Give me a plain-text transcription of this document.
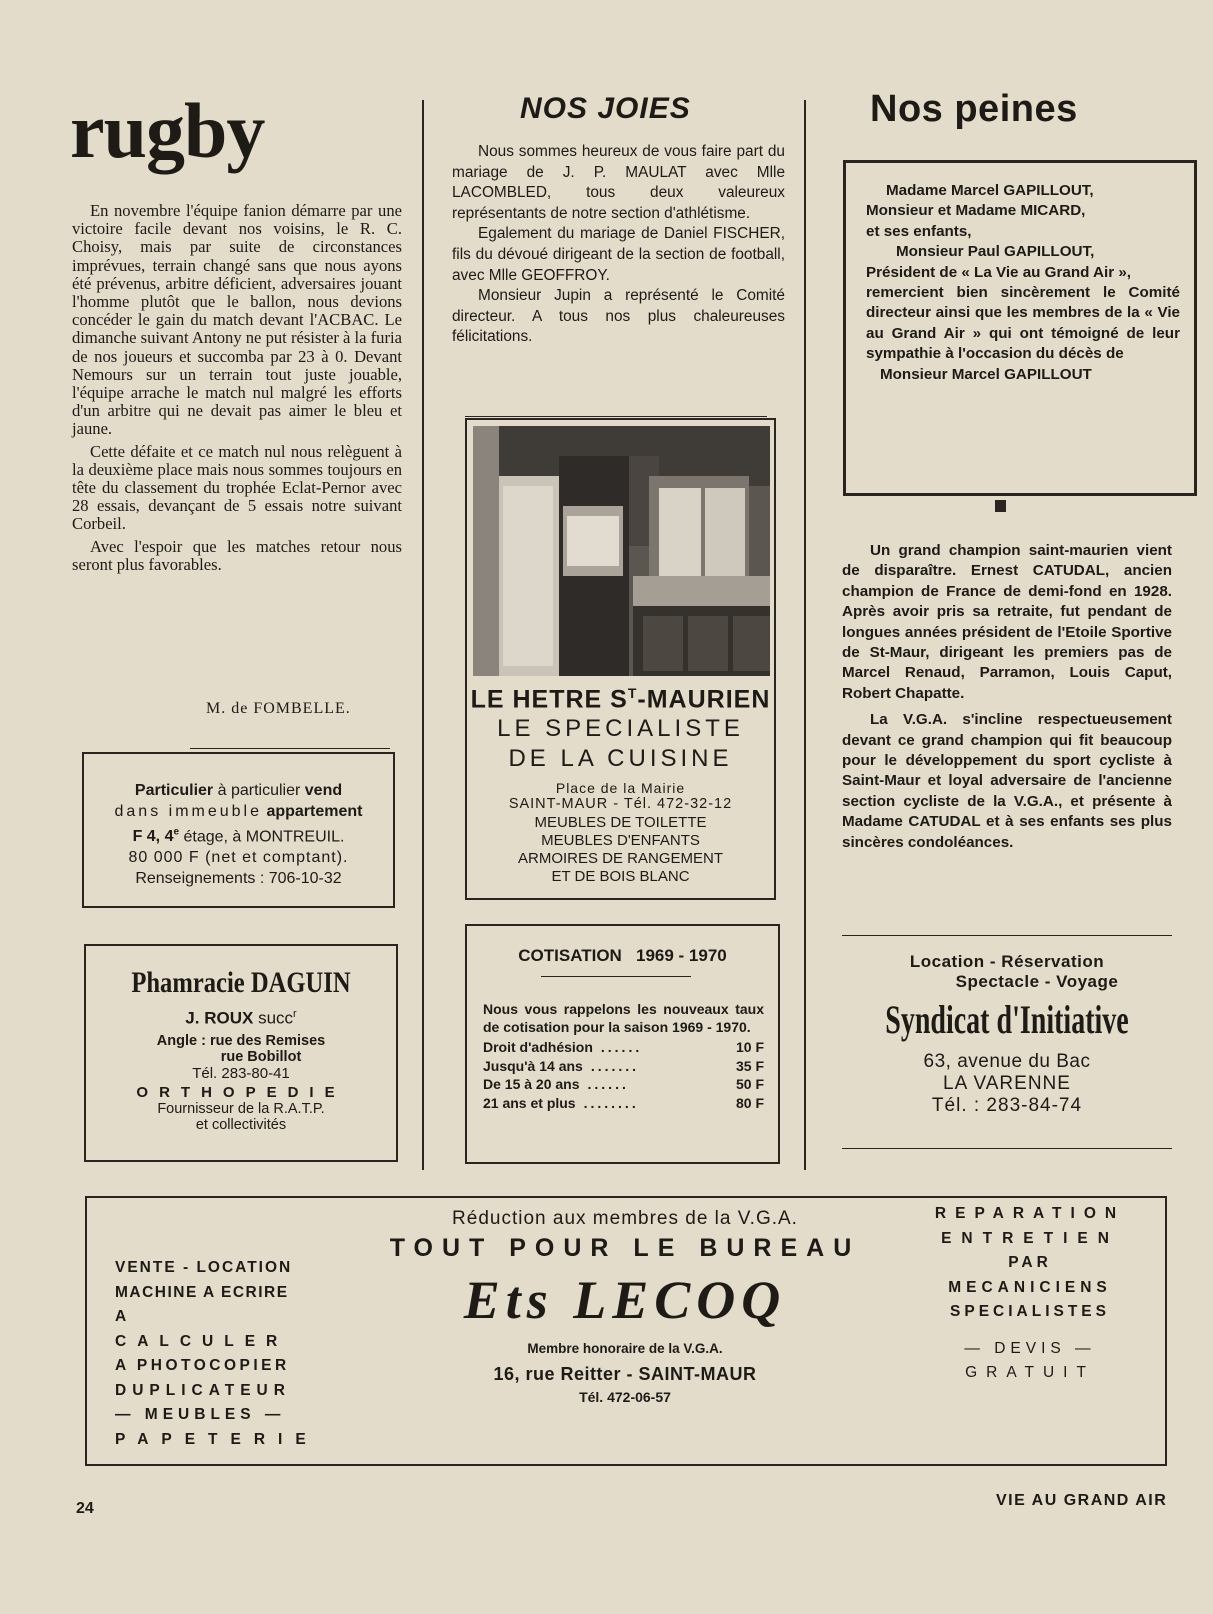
rugby

En novembre l'équipe fanion démarre par une victoire facile devant nos voisins, le R. C. Choisy, mais par suite de circonstances imprévues, terrain changé sans que nous ayons été prévenus, arbitre déficient, adversaires jouant l'homme plutôt que le ballon, nous devions concéder le gain du match devant l'ACBAC. Le dimanche suivant Antony ne put résister à la furia de nos joueurs et succomba par 23 à 0. Devant Nemours sur un terrain tout juste jouable, l'équipe arrache le match nul malgré les efforts d'un arbitre qui ne devait pas aimer le bleu et jaune.

Cette défaite et ce match nul nous relèguent à la deuxième place mais nous sommes toujours en tête du classement du trophée Eclat-Pernor avec 28 essais, devançant de 5 essais notre suivant Corbeil.

Avec l'espoir que les matches retour nous seront plus favorables.

M. de FOMBELLE.
Particulier à particulier vend
dans immeuble appartement
F 4, 4e étage, à MONTREUIL.
80 000 F (net et comptant).
Renseignements : 706-10-32
Phamracie DAGUIN
J. ROUX succ$^r$
Angle : rue des Remises
rue Bobillot
Tél. 283-80-41
ORTHOPEDIE
Fournisseur de la R.A.T.P.
et collectivités
NOS JOIES

Nous sommes heureux de vous faire part du mariage de J. P. MAULAT avec Mlle LACOMBLED, tous deux valeureux représentants de notre section d'athlétisme.

Egalement du mariage de Daniel FISCHER, fils du dévoué dirigeant de la section de football, avec Mlle GEOFFROY.

Monsieur Jupin a représenté le Comité directeur. A tous nos plus chaleureuses félicitations.

LE HETRE $S^T$-MAURIEN
LE SPECIALISTE
DE LA CUISINE
Place de la Mairie
SAINT-MAUR - Tél. 472-32-12
MEUBLES DE TOILETTE
MEUBLES D'ENFANTS
ARMOIRES DE RANGEMENT
ET DE BOIS BLANC
COTISATION 1969 - 1970
Nous vous rappelons les nouveaux taux de cotisation pour la saison 1969 - 1970.
Droit d'adhésion ......	10 F
Jusqu'à 14 ans .......	35 F
De 15 à 20 ans ......	50 F
21 ans et plus ........	80 F
Nos peines
Madame Marcel GAPILLOUT,
Monsieur et Madame MICARD,
et ses enfants,
Monsieur Paul GAPILLOUT,
Président de « La Vie au Grand Air »,
remercient bien sincèrement le Comité directeur ainsi que les membres de la « Vie au Grand Air » qui ont témoigné de leur sympathie à l'occasion du décès de
Monsieur Marcel GAPILLOUT

Un grand champion saint-maurien vient de disparaître. Ernest CATUDAL, ancien champion de France de demi-fond en 1928. Après avoir pris sa retraite, fut pendant de longues années président de l'Etoile Sportive de St-Maur, dirigeant les premiers pas de Marcel Renaud, Parramon, Louis Caput, Robert Chapatte.

La V.G.A. s'incline respectueusement devant ce grand champion qui fit beaucoup pour le développement du sport cycliste à Saint-Maur et loyal adversaire de l'ancienne section cycliste de la V.G.A., et présente à Madame CATUDAL et à ses enfants ses plus sincères condoléances.

Location - Réservation
Spectacle - Voyage
Syndicat d'Initiative
63, avenue du Bac
LA VARENNE
Tél. : 283-84-74
VENTE - LOCATION
MACHINE A ECRIRE
A CALCULER
A PHOTOCOPIER
DUPLICATEUR
— MEUBLES —
PAPETERIE
Réduction aux membres de la V.G.A.
TOUT POUR LE BUREAU
Ets LECOQ
Membre honoraire de la V.G.A.
16, rue Reitter - SAINT-MAUR
Tél. 472-06-57
REPARATION
ENTRETIEN
PAR
MECANICIENS
SPECIALISTES
— DEVIS —
GRATUIT
24	VIE AU GRAND AIR
